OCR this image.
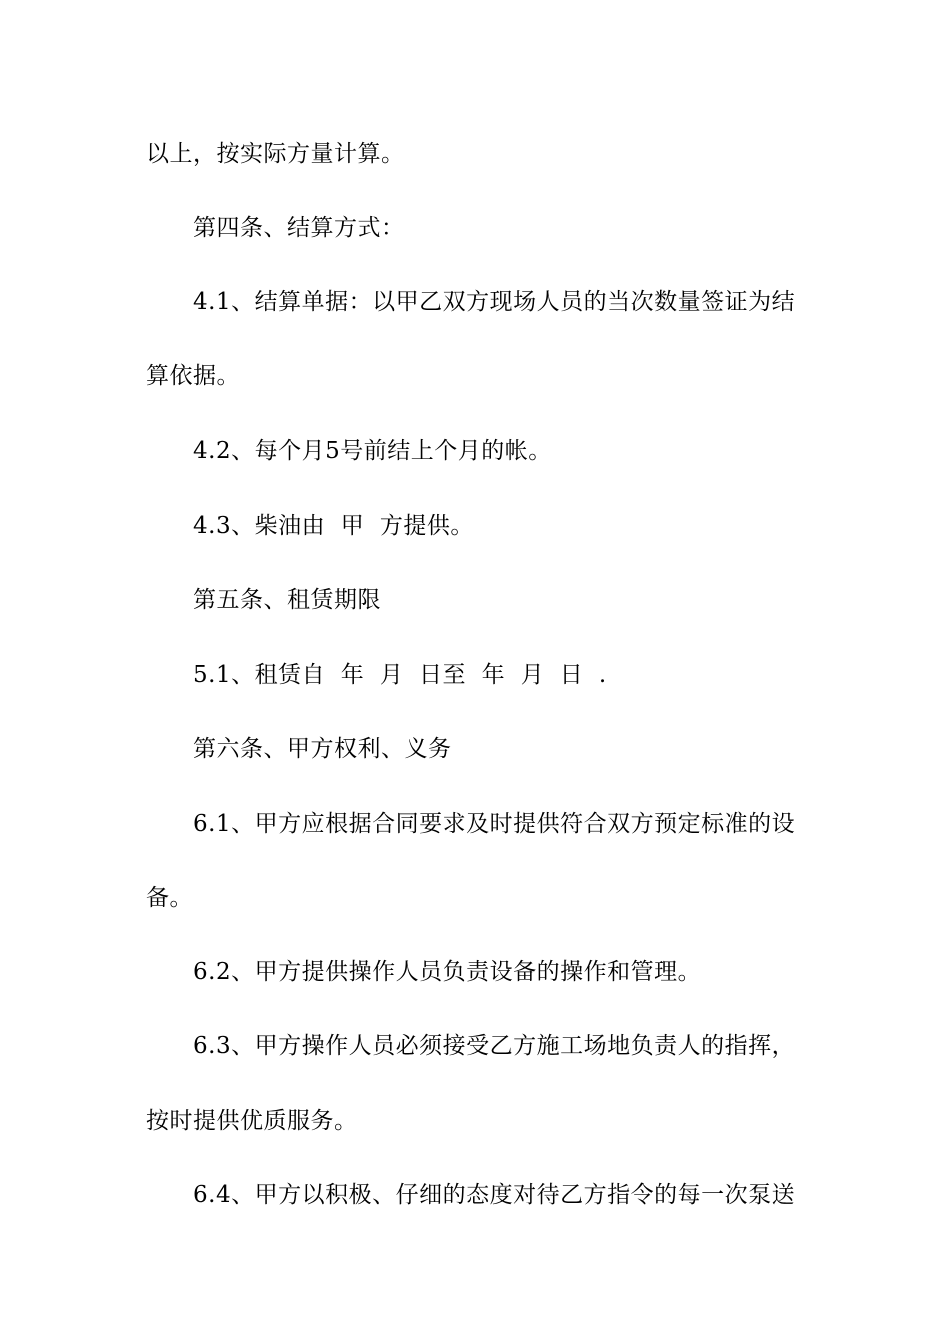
以上，按实际方量计算。
第四条、结算方式：
4.1、结算单据：以甲乙双方现场人员的当次数量签证为结
算依据。
4.2、每个月5号前结上个月的帐。
4.3、柴油由  甲  方提供。
第五条、租赁期限
5.1、租赁自  年  月  日至  年  月  日  .
第六条、甲方权利、义务
6.1、甲方应根据合同要求及时提供符合双方预定标准的设
备。
6.2、甲方提供操作人员负责设备的操作和管理。
6.3、甲方操作人员必须接受乙方施工场地负责人的指挥，
按时提供优质服务。
6.4、甲方以积极、仔细的态度对待乙方指令的每一次泵送
